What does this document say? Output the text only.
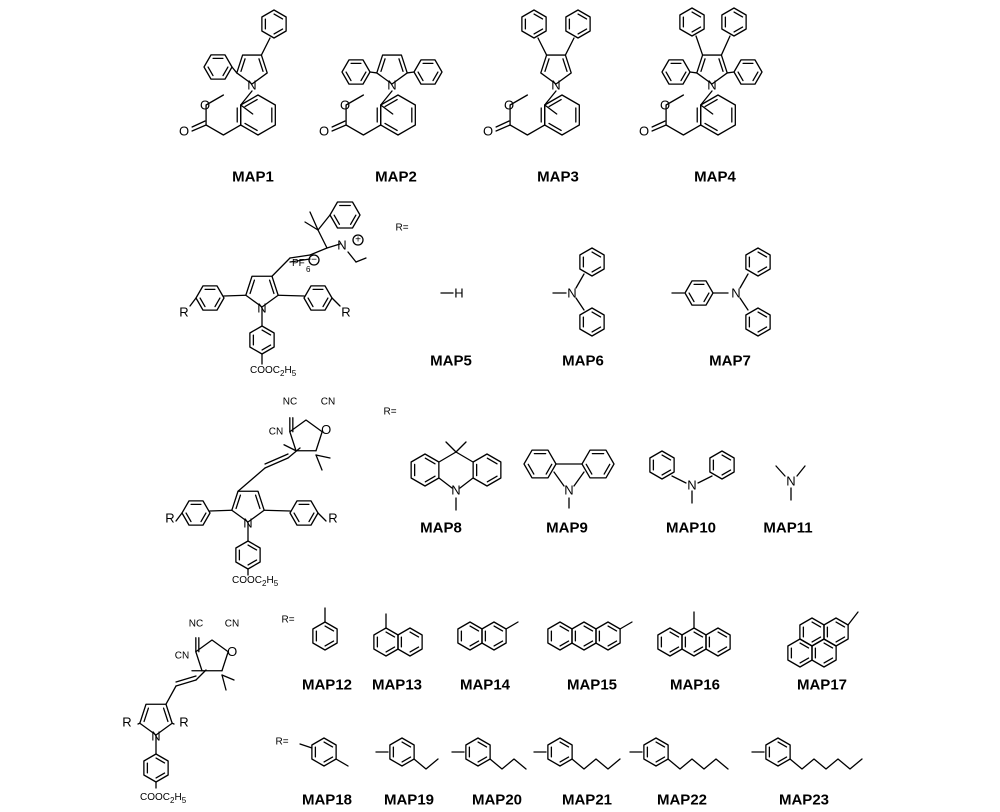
N
O
O
N
O
O
N
O
O
N
O
O
MAP1	MAP2	MAP3	MAP4
N
R	R
$COOC_2H_5$
N +
PF
6
−
R=
H	N	N
MAP5	MAP6	MAP7
N
R	R
$COOC_2H_5$
O
CN
NC CN
R=
N	N	N	N
MAP8	MAP9	MAP10	MAP11
N
R	R
$COOC_2H_5$
O
CN
NC CN	R=
MAP12 MAP13	MAP14	MAP15	MAP16	MAP17
R=
MAP18 MAP19	MAP20	MAP21	MAP22	MAP23
